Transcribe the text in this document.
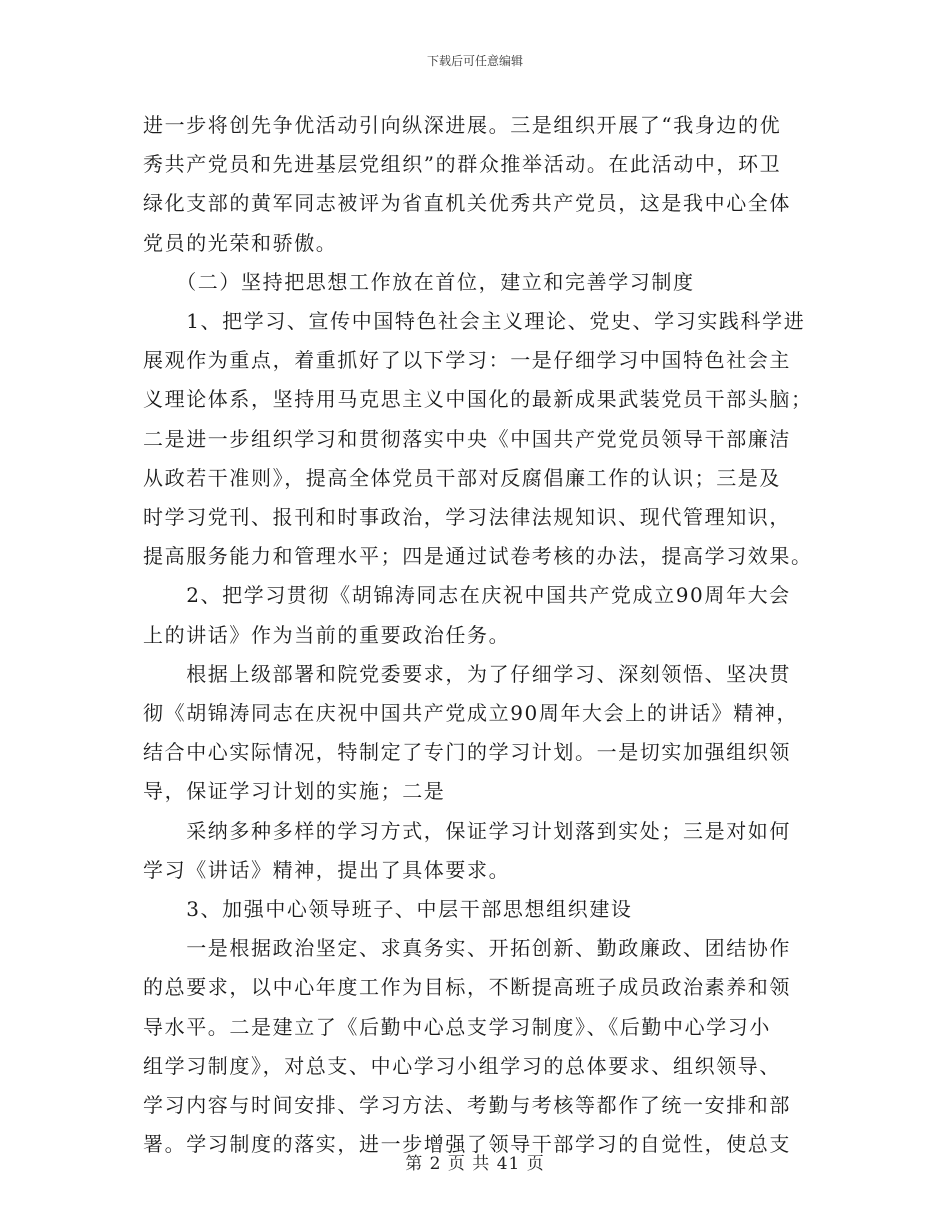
下载后可任意编辑

进一步将创先争优活动引向纵深进展。三是组织开展了“我身边的优

秀共产党员和先进基层党组织”的群众推举活动。在此活动中，环卫

绿化支部的黄军同志被评为省直机关优秀共产党员，这是我中心全体

党员的光荣和骄傲。

　　（二）坚持把思想工作放在首位，建立和完善学习制度

　　1、把学习、宣传中国特色社会主义理论、党史、学习实践科学进

展观作为重点，着重抓好了以下学习：一是仔细学习中国特色社会主

义理论体系，坚持用马克思主义中国化的最新成果武装党员干部头脑；

二是进一步组织学习和贯彻落实中央《中国共产党党员领导干部廉洁

从政若干准则》，提高全体党员干部对反腐倡廉工作的认识；三是及

时学习党刊、报刊和时事政治，学习法律法规知识、现代管理知识，

提高服务能力和管理水平；四是通过试卷考核的办法，提高学习效果。

　　2、把学习贯彻《胡锦涛同志在庆祝中国共产党成立90周年大会

上的讲话》作为当前的重要政治任务。

　　根据上级部署和院党委要求，为了仔细学习、深刻领悟、坚决贯

彻《胡锦涛同志在庆祝中国共产党成立90周年大会上的讲话》精神，

结合中心实际情况，特制定了专门的学习计划。一是切实加强组织领

导，保证学习计划的实施；二是

　　采纳多种多样的学习方式，保证学习计划落到实处；三是对如何

学习《讲话》精神，提出了具体要求。

　　3、加强中心领导班子、中层干部思想组织建设

　　一是根据政治坚定、求真务实、开拓创新、勤政廉政、团结协作

的总要求，以中心年度工作为目标，不断提高班子成员政治素养和领

导水平。二是建立了《后勤中心总支学习制度》、《后勤中心学习小

组学习制度》，对总支、中心学习小组学习的总体要求、组织领导、

学习内容与时间安排、学习方法、考勤与考核等都作了统一安排和部

署。学习制度的落实，进一步增强了领导干部学习的自觉性，使总支

第 2 页 共 41 页
